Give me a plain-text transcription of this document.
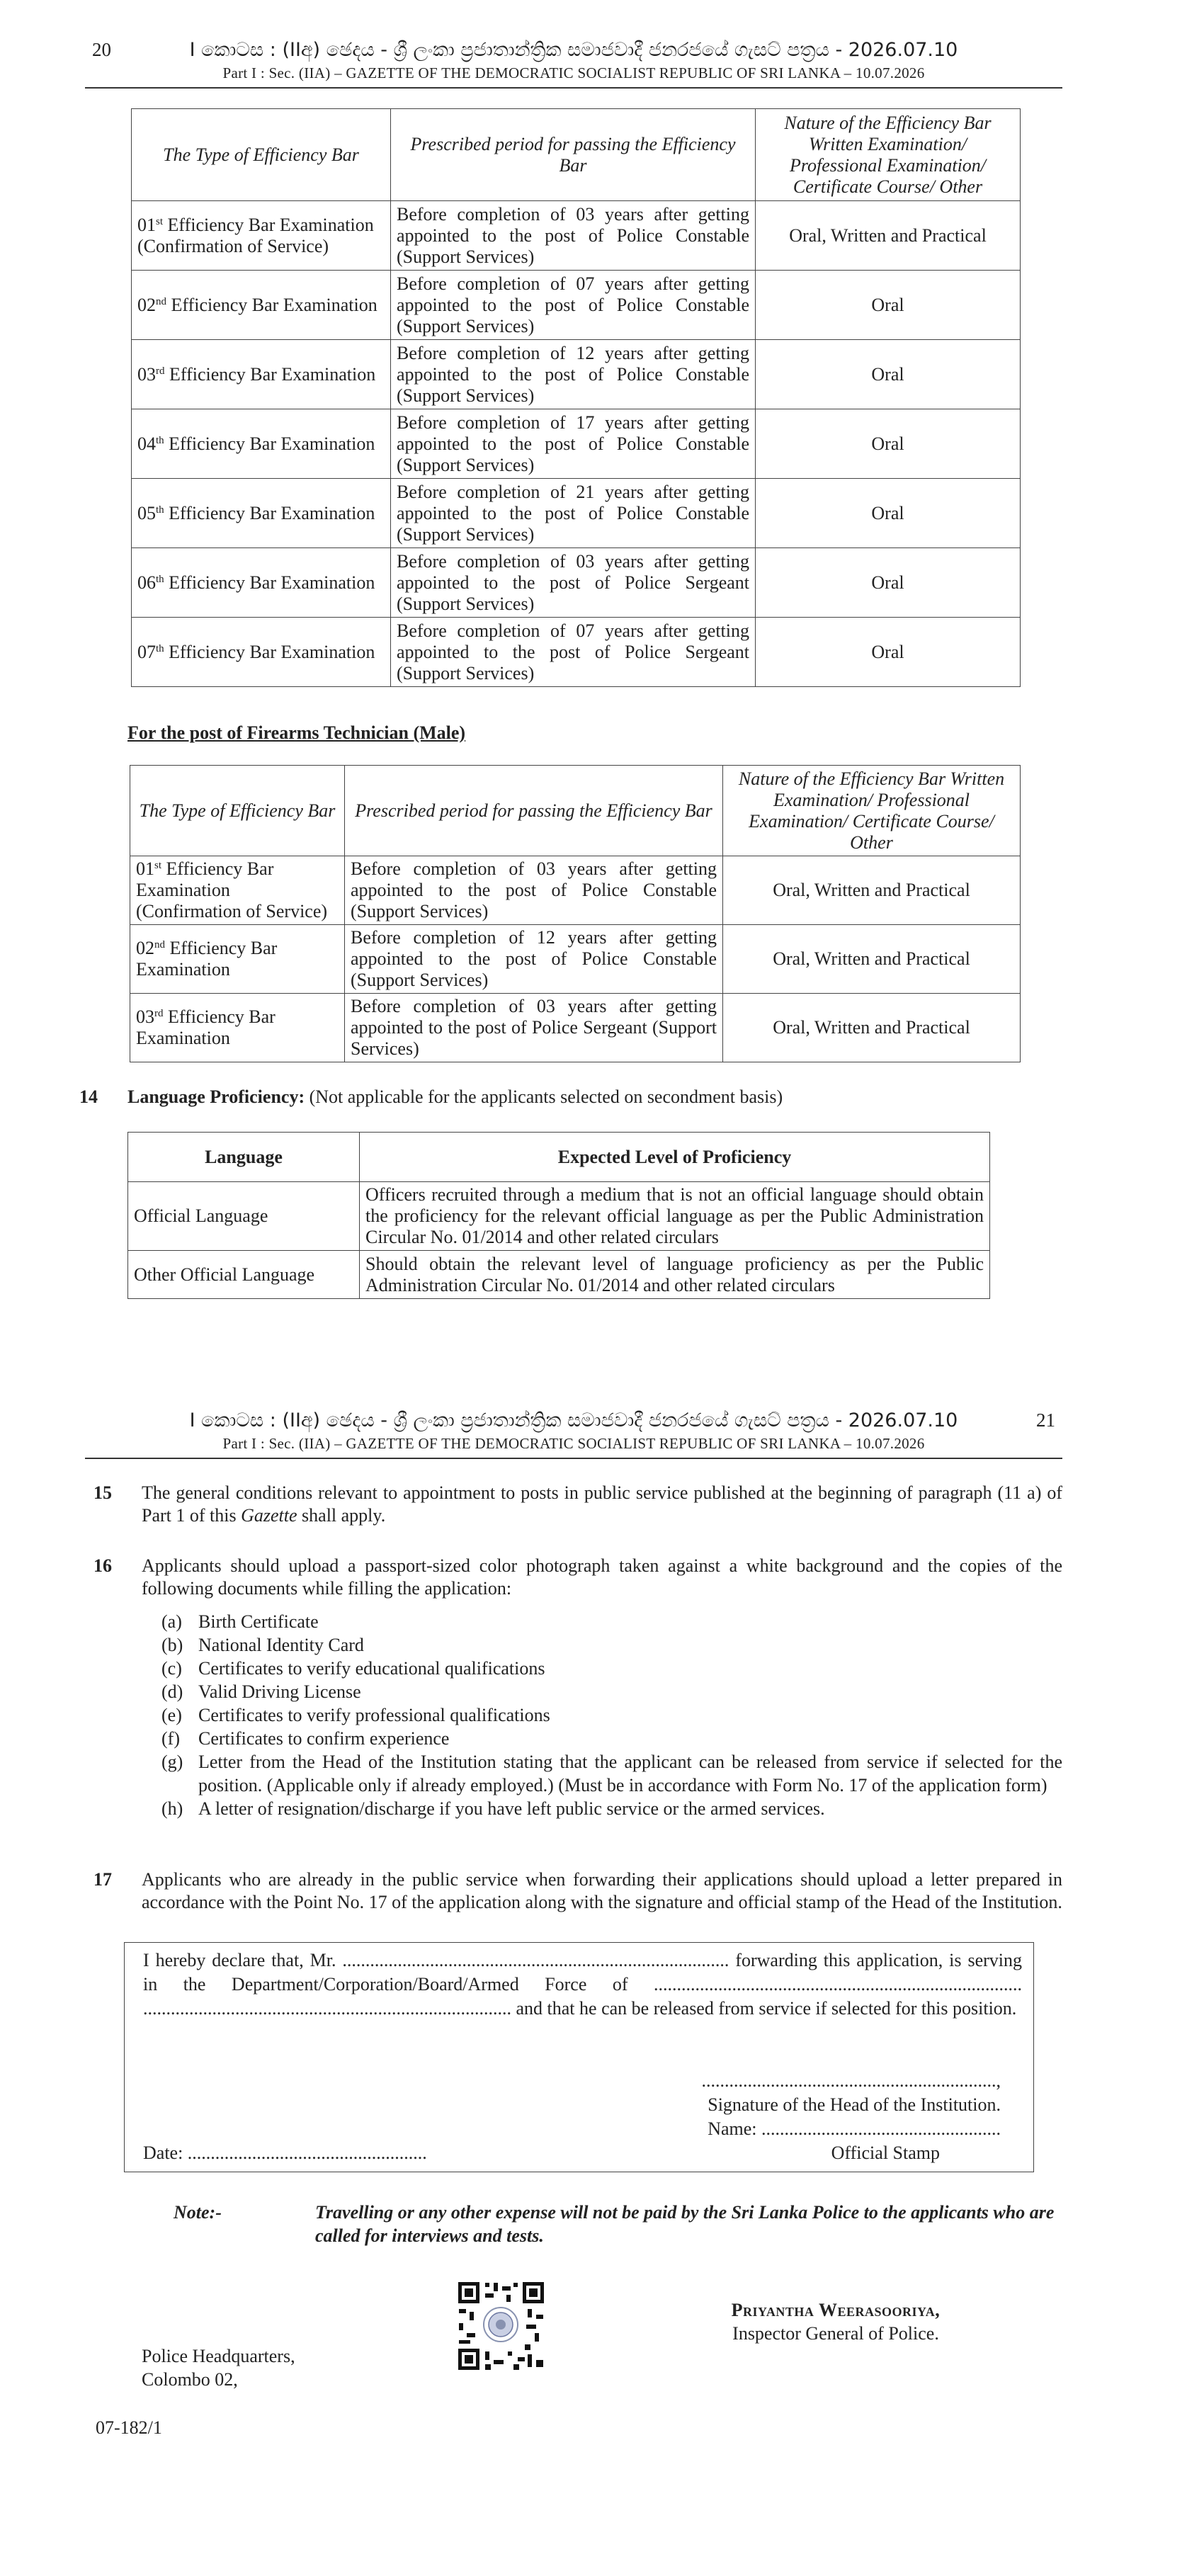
20	I කොටස : (IIඅ) ඡෙදය - ශ්‍රී ලංකා ප්‍රජාතාන්ත්‍රික සමාජවාදී ජනරජයේ ගැසට් පත්‍රය - 2026.07.10
Part I : Sec. (IIA) – GAZETTE OF THE DEMOCRATIC SOCIALIST REPUBLIC OF SRI LANKA – 10.07.2026
The Type of Efficiency Bar	Prescribed period for passing the Efficiency Bar	Nature of the Efficiency Bar Written Examination/ Professional Examination/ Certificate Course/ Other
01st Efficiency Bar Examination (Confirmation of Service)	Before completion of 03 years after getting appointed to the post of Police Constable (Support Services)	Oral, Written and Practical
02nd Efficiency Bar Examination	Before completion of 07 years after getting appointed to the post of Police Constable (Support Services)	Oral
03rd Efficiency Bar Examination	Before completion of 12 years after getting appointed to the post of Police Constable (Support Services)	Oral
04th Efficiency Bar Examination	Before completion of 17 years after getting appointed to the post of Police Constable (Support Services)	Oral
05th Efficiency Bar Examination	Before completion of 21 years after getting appointed to the post of Police Constable (Support Services)	Oral
06th Efficiency Bar Examination	Before completion of 03 years after getting appointed to the post of Police Sergeant (Support Services)	Oral
07th Efficiency Bar Examination	Before completion of 07 years after getting appointed to the post of Police Sergeant (Support Services)	Oral
For the post of Firearms Technician (Male)
The Type of Efficiency Bar	Prescribed period for passing the Efficiency Bar	Nature of the Efficiency Bar Written Examination/ Professional Examination/ Certificate Course/ Other
01st Efficiency Bar Examination (Confirmation of Service)	Before completion of 03 years after getting appointed to the post of Police Constable (Support Services)	Oral, Written and Practical
02nd Efficiency Bar Examination	Before completion of 12 years after getting appointed to the post of Police Constable (Support Services)	Oral, Written and Practical
03rd Efficiency Bar Examination	Before completion of 03 years after getting appointed to the post of Police Sergeant (Support Services)	Oral, Written and Practical
14 Language Proficiency: (Not applicable for the applicants selected on secondment basis)
Language	Expected Level of Proficiency
Official Language	Officers recruited through a medium that is not an official language should obtain the proficiency for the relevant official language as per the Public Administration Circular No. 01/2014 and other related circulars
Other Official Language	Should obtain the relevant level of language proficiency as per the Public Administration Circular No. 01/2014 and other related circulars
21
I කොටස : (IIඅ) ඡෙදය - ශ්‍රී ලංකා ප්‍රජාතාන්ත්‍රික සමාජවාදී ජනරජයේ ගැසට් පත්‍රය - 2026.07.10
Part I : Sec. (IIA) – GAZETTE OF THE DEMOCRATIC SOCIALIST REPUBLIC OF SRI LANKA – 10.07.2026
15 The general conditions relevant to appointment to posts in public service published at the beginning of paragraph (11 a) of Part 1 of this Gazette shall apply.

16 Applicants should upload a passport-sized color photograph taken against a white background and the copies of the following documents while filling the application:

(a) Birth Certificate
(b) National Identity Card
(c) Certificates to verify educational qualifications
(d) Valid Driving License
(e) Certificates to verify professional qualifications
(f) Certificates to confirm experience
(g) Letter from the Head of the Institution stating that the applicant can be released from service if selected for the position. (Applicable only if already employed.) (Must be in accordance with Form No. 17 of the application form)
(h) A letter of resignation/discharge if you have left public service or the armed services.
17 Applicants who are already in the public service when forwarding their applications should upload a letter prepared in accordance with the Point No. 17 of the application along with the signature and official stamp of the Head of the Institution.

I hereby declare that, Mr. .................................................................................... forwarding this application, is serving in the Department/Corporation/Board/Armed Force of ................................................................................ ................................................................................ and that he can be released from service if selected for this position.
................................................................,
Signature of the Head of the Institution.
Name: ....................................................
Date: ....................................................	Official Stamp
Note:-	Travelling or any other expense will not be paid by the Sri Lanka Police to the applicants who are called for interviews and tests.
Priyantha Weerasooriya,
Inspector General of Police.
Police Headquarters,
Colombo 02,
07-182/1
